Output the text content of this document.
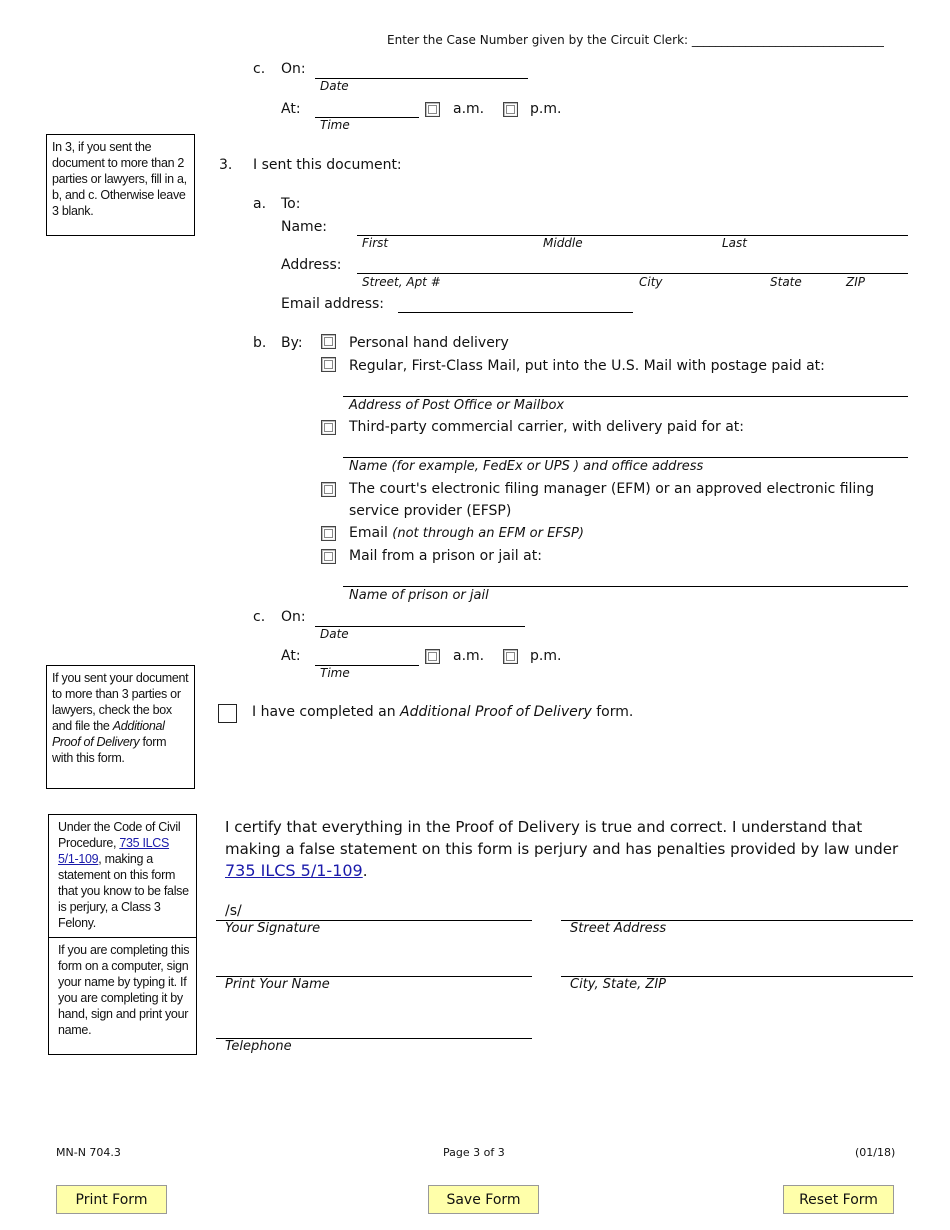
Enter the Case Number given by the Circuit Clerk: ________________________________
c. On:
Date
At:
Time
a.m.	p.m.
In 3, if you sent the document to more than 2 parties or lawyers, fill in a, b, and c. Otherwise leave 3 blank.
3. I sent this document:
a. To:
Name:
First	Middle	Last
Address:
Street, Apt #	City	State	ZIP
Email address:
b. By:	Personal hand delivery
Regular, First-Class Mail, put into the U.S. Mail with postage paid at:
Address of Post Office or Mailbox
Third-party commercial carrier, with delivery paid for at:
Name (for example, FedEx or UPS ) and office address
The court's electronic filing manager (EFM) or an approved electronic filing
service provider (EFSP)
Email (not through an EFM or EFSP)
Mail from a prison or jail at:
Name of prison or jail
c. On:
Date
At:
Time
a.m.	p.m.
If you sent your document to more than 3 parties or lawyers, check the box and file the Additional Proof of Delivery form with this form.
I have completed an Additional Proof of Delivery form.
Under the Code of Civil Procedure, 735 ILCS 5/1-109, making a statement on this form that you know to be false is perjury, a Class 3 Felony.
If you are completing this form on a computer, sign your name by typing it. If you are completing it by hand, sign and print your name.
I certify that everything in the Proof of Delivery is true and correct. I understand that making a false statement on this form is perjury and has penalties provided by law under
735 ILCS 5/1-109.
/s/
Your Signature	Street Address
Print Your Name	City, State, ZIP
Telephone
MN-N 704.3	Page 3 of 3	(01/18)
Print Form	Save Form	Reset Form
